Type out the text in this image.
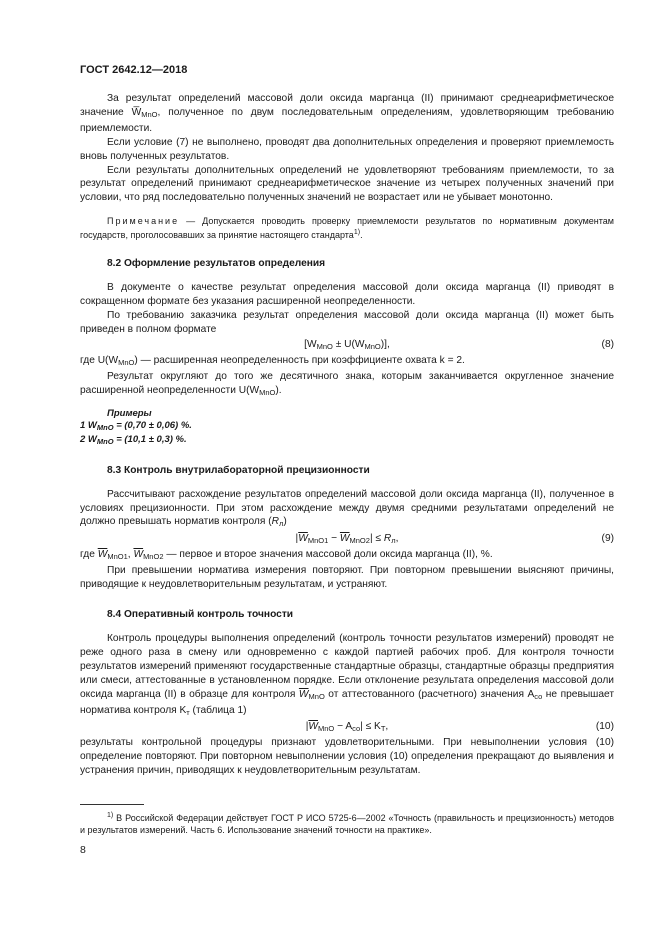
ГОСТ 2642.12—2018

За результат определений массовой доли оксида марганца (II) принимают среднеарифметическое значение $W̅_{MnO}$, полученное по двум последовательным определениям, удовлетворяющим требованию приемлемости.

Если условие (7) не выполнено, проводят два дополнительных определения и проверяют приемлемость вновь полученных результатов.

Если результаты дополнительных определений не удовлетворяют требованиям приемлемости, то за результат определений принимают среднеарифметическое значение из четырех полученных значений при условии, что ряд последовательно полученных значений не возрастает или не убывает монотонно.

Примечание — Допускается проводить проверку приемлемости результатов по нормативным документам государств, проголосовавших за принятие настоящего стандарта$^{1)}$.

8.2 Оформление результатов определения

В документе о качестве результат определения массовой доли оксида марганца (II) приводят в сокращенном формате без указания расширенной неопределенности.

По требованию заказчика результат определения массовой доли оксида марганца (II) может быть приведен в полном формате

$[W_{MnO} \pm U(W_{MnO})]$,	(8)

где $U(W_{MnO})$ — расширенная неопределенность при коэффициенте охвата k = 2.

Результат округляют до того же десятичного знака, которым заканчивается округленное значение расширенной неопределенности $U(W_{MnO})$.

Примеры
1 $W_{MnO} = (0,70 \pm 0,06)$ %.
2 $W_{MnO} = (10,1 \pm 0,3)$ %.

8.3 Контроль внутрилабораторной прецизионности

Рассчитывают расхождение результатов определений массовой доли оксида марганца (II), полученное в условиях прецизионности. При этом расхождение между двумя средними результатами определений не должно превышать норматив контроля $(R_л)$

$|\overline{W}_{MnO1} - \overline{W}_{MnO2}| \le R_л$,	(9)

где $\overline{W}_{MnO1}$, $\overline{W}_{MnO2}$ — первое и второе значения массовой доли оксида марганца (II), %.

При превышении норматива измерения повторяют. При повторном превышении выясняют причины, приводящие к неудовлетворительным результатам, и устраняют.

8.4 Оперативный контроль точности

Контроль процедуры выполнения определений (контроль точности результатов измерений) проводят не реже одного раза в смену или одновременно с каждой партией рабочих проб. Для контроля точности результатов измерений применяют государственные стандартные образцы, стандартные образцы предприятия или смеси, аттестованные в установленном порядке. Если отклонение результата определения массовой доли оксида марганца (II) в образце для контроля $\overline{W}_{MnO}$ от аттестованного (расчетного) значения $A_{со}$ не превышает норматива контроля $K_т$ (таблица 1)

$|\overline{W}_{MnO} - A_{со}| \le K_Т$,	(10)

результаты контрольной процедуры признают удовлетворительными. При невыполнении условия (10) определение повторяют. При повторном невыполнении условия (10) определения прекращают до выявления и устранения причин, приводящих к неудовлетворительным результатам.

$^{1)}$ В Российской Федерации действует ГОСТ Р ИСО 5725-6—2002 «Точность (правильность и прецизионность) методов и результатов измерений. Часть 6. Использование значений точности на практике».
8
